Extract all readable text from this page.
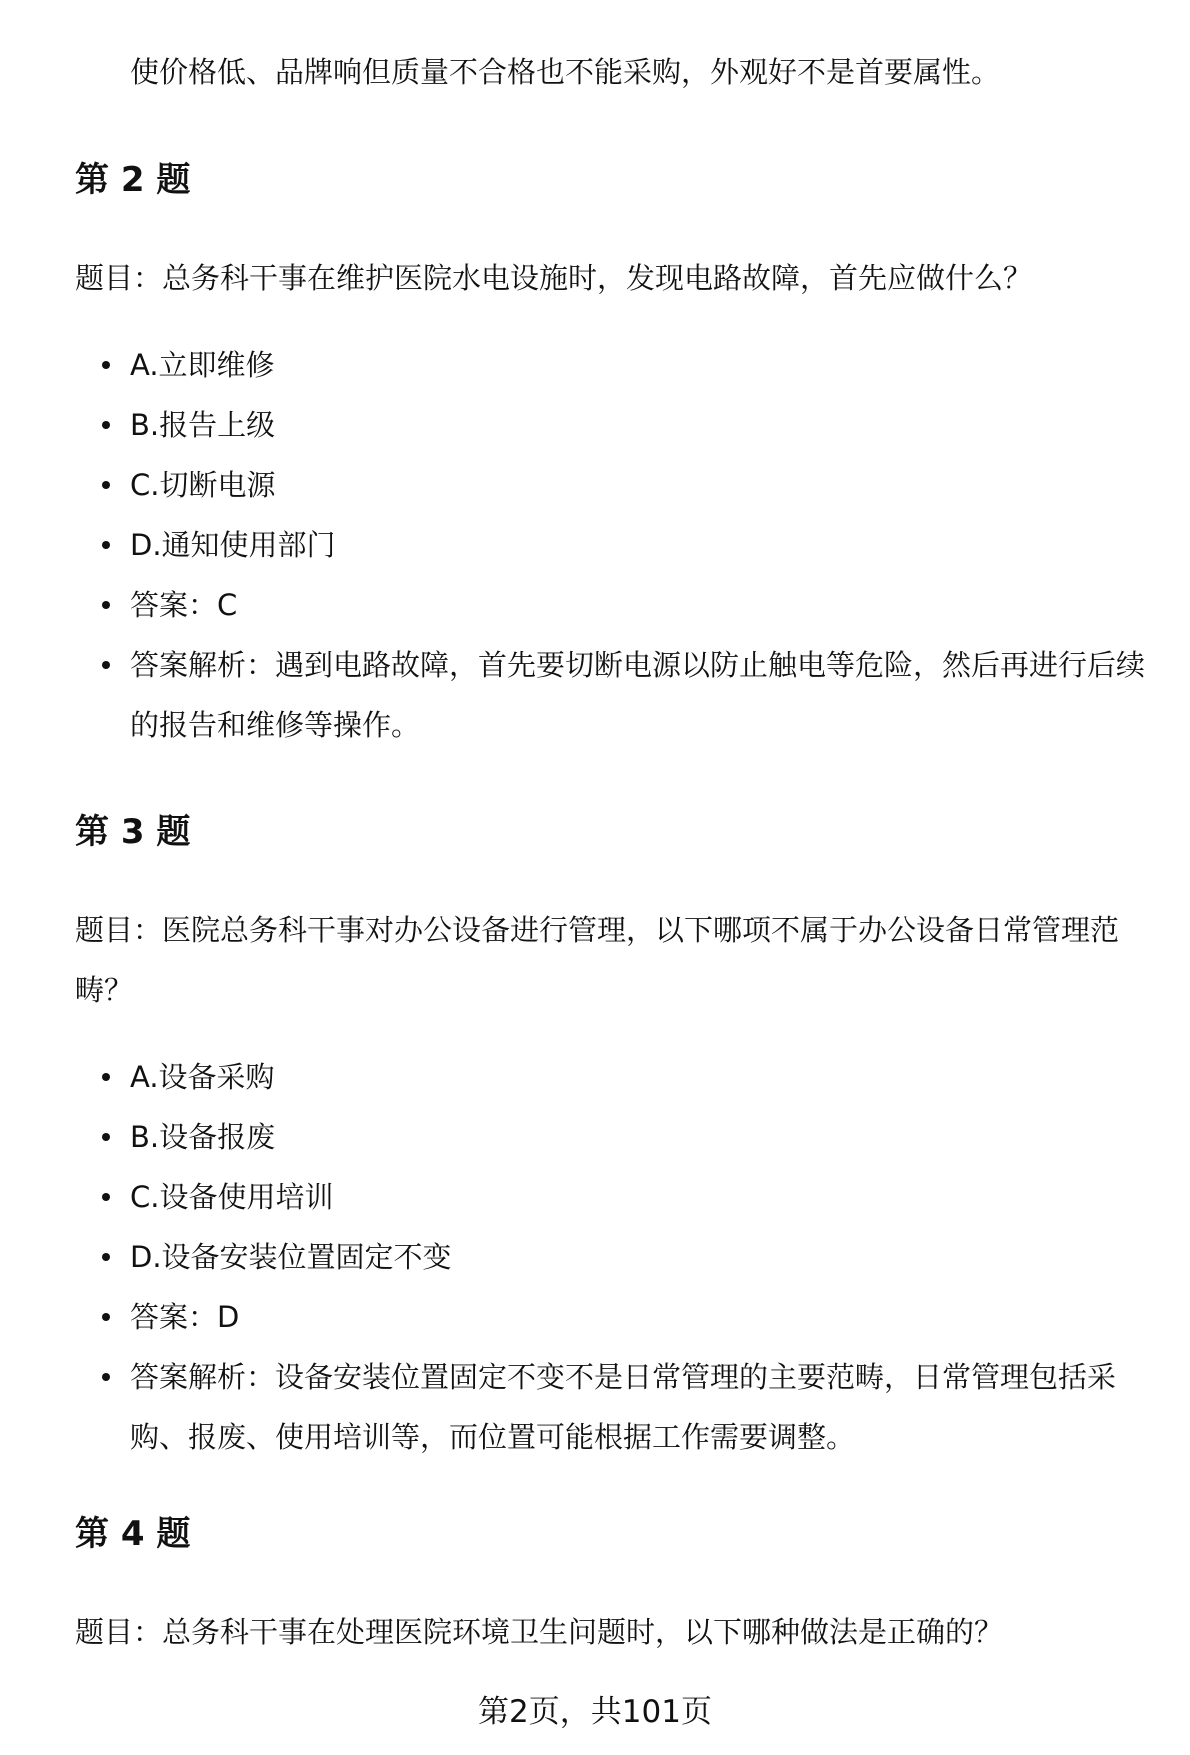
使价格低、品牌响但质量不合格也不能采购，外观好不是首要属性。
第 2 题

题目：总务科干事在维护医院水电设施时，发现电路故障，首先应做什么？

A.立即维修
B.报告上级
C.切断电源
D.通知使用部门
答案：C
答案解析：遇到电路故障，首先要切断电源以防止触电等危险，然后再进行后续的报告和维修等操作。
第 3 题

题目：医院总务科干事对办公设备进行管理，以下哪项不属于办公设备日常管理范畴？

A.设备采购
B.设备报废
C.设备使用培训
D.设备安装位置固定不变
答案：D
答案解析：设备安装位置固定不变不是日常管理的主要范畴，日常管理包括采购、报废、使用培训等，而位置可能根据工作需要调整。
第 4 题

题目：总务科干事在处理医院环境卫生问题时，以下哪种做法是正确的？

第2页，共101页
